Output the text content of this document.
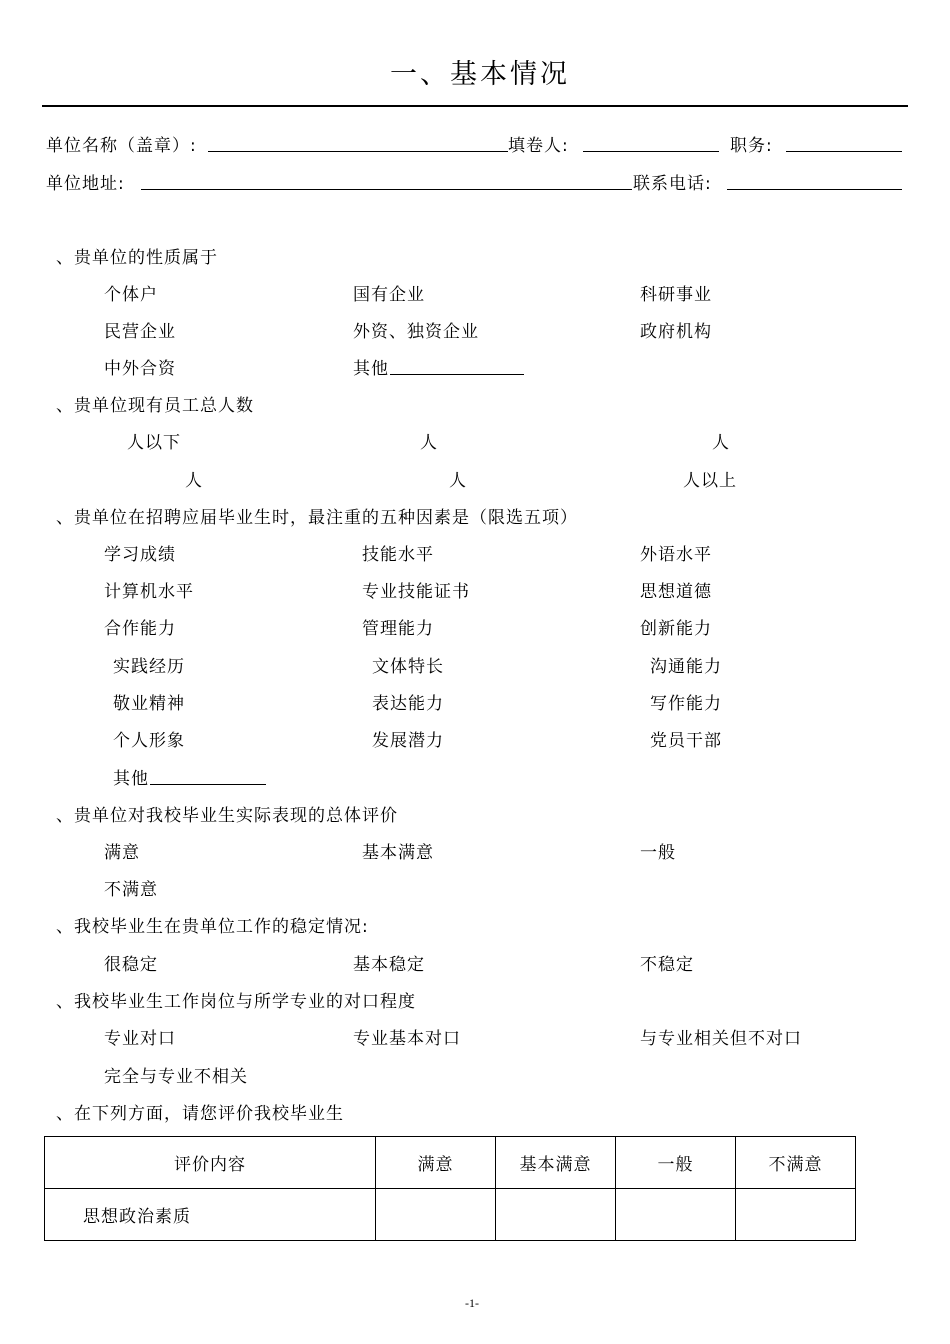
一、基本情况
单位名称（盖章）:	填卷人:	职务:
单位地址:	联系电话:
、贵单位的性质属于
个体户	国有企业	科研事业
民营企业	外资、独资企业	政府机构
中外合资	其他
、贵单位现有员工总人数
人以下	人	人
人	人	人以上
、贵单位在招聘应届毕业生时，最注重的五种因素是（限选五项）
学习成绩	技能水平	外语水平
计算机水平	专业技能证书	思想道德
合作能力	管理能力	创新能力
实践经历	文体特长	沟通能力
敬业精神	表达能力	写作能力
个人形象	发展潜力	党员干部
其他
、贵单位对我校毕业生实际表现的总体评价
满意	基本满意	一般
不满意
、我校毕业生在贵单位工作的稳定情况:
很稳定	基本稳定	不稳定
、我校毕业生工作岗位与所学专业的对口程度
专业对口	专业基本对口	与专业相关但不对口
完全与专业不相关
、在下列方面，请您评价我校毕业生
评价内容	满意	基本满意	一般	不满意
思想政治素质				
-1-
